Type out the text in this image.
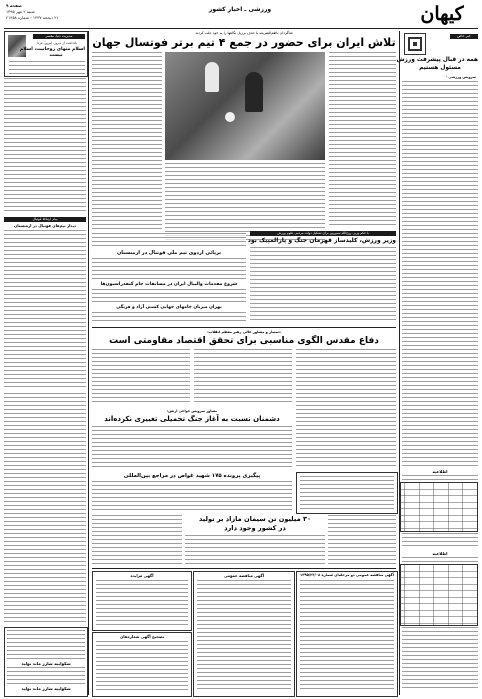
کیهان
ورزشی ـ اخبار کشور
صفحه ۹
شنبه ۲ مهر ۱۳۹۵
۲۱ ذیحجه ۱۴۳۷ - شماره ۲۱۴۵۸
خبر خاص
همه در قبال پیشرفت ورزش
مسئول هستیم
سرویس ورزشی -
اطلاعیه
اطلاعیه
مدیریت دنیا، مفسر
یادداشت از دیروز، امروز، فردا
اسلام منهای روحانیت، اسلام
نیست
پیام ارتباط قوتبال
دیدار تیم‌های فوتبال در ارمنستان
شکواییه شارژ ماند تولید
شکواییه شارژ ماند تولید
شاگردان ناظم‌الشریعه با حذف برزیل نگاهها را به خود جلب کردند
تلاش ایران برای حضور در جمع ۴ تیم برتر فوتسال جهان
با حکم وزیر، روح‌الله تیمورپور برای تشکیل دولت مردمی علوم ورزش
وزیر ورزش، کلیدساز قهرمان جنگ و پارالمپیک بود
برپائی اردوی تیم ملی فوتبال در ارمنستان
شروع مقدمات والیبال ایران در مسابقات جام کنفدراسیون‌ها
تهران میزبان جامهای جهانی کشتی آزاد و فرنگی
دستیار و مشاور عالی رهبر معظم انقلاب:
دفاع مقدس الگوی مناسبی برای تحقق اقتصاد مقاومتی است
مشاور سرویس خواجی ارتش:
دشمنان نسبت به آغاز جنگ تحمیلی تغییری نکرده‌اند
پیگیری پرونده ۱۷۵ شهید غواص در مراجع بین‌المللی
۳۰ میلیون تن سیمان مازاد بر تولید
در کشور وجود دارد
آگهی مناقصه عمومی دو مرحله‌ای شماره ۱۳۹۵/۲۳/۰۸
آگهی مناقصه عمومی
آگهی مزایده
تصحیح آگهی شماره‌های
